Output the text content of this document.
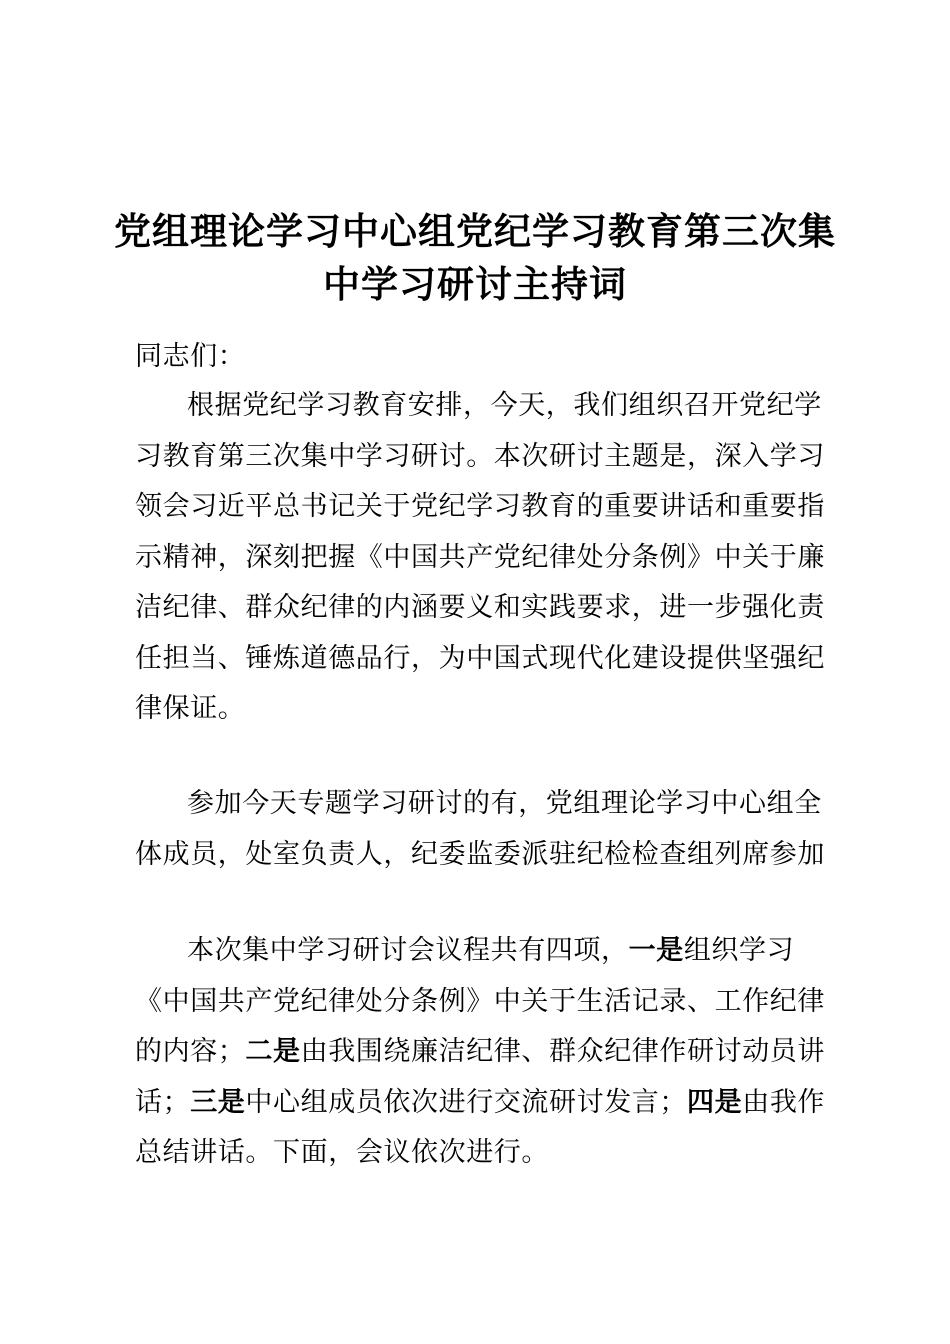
党组理论学习中心组党纪学习教育第三次集
中学习研讨主持词

同志们：

根据党纪学习教育安排，今天，我们组织召开党纪学习教育第三次集中学习研讨。本次研讨主题是，深入学习领会习近平总书记关于党纪学习教育的重要讲话和重要指示精神，深刻把握《中国共产党纪律处分条例》中关于廉洁纪律、群众纪律的内涵要义和实践要求，进一步强化责任担当、锤炼道德品行，为中国式现代化建设提供坚强纪律保证。

参加今天专题学习研讨的有，党组理论学习中心组全体成员，处室负责人，纪委监委派驻纪检检查组列席参加

本次集中学习研讨会议程共有四项，一是组织学习《中国共产党纪律处分条例》中关于生活记录、工作纪律的内容；二是由我围绕廉洁纪律、群众纪律作研讨动员讲话；三是中心组成员依次进行交流研讨发言；四是由我作总结讲话。下面，会议依次进行。
